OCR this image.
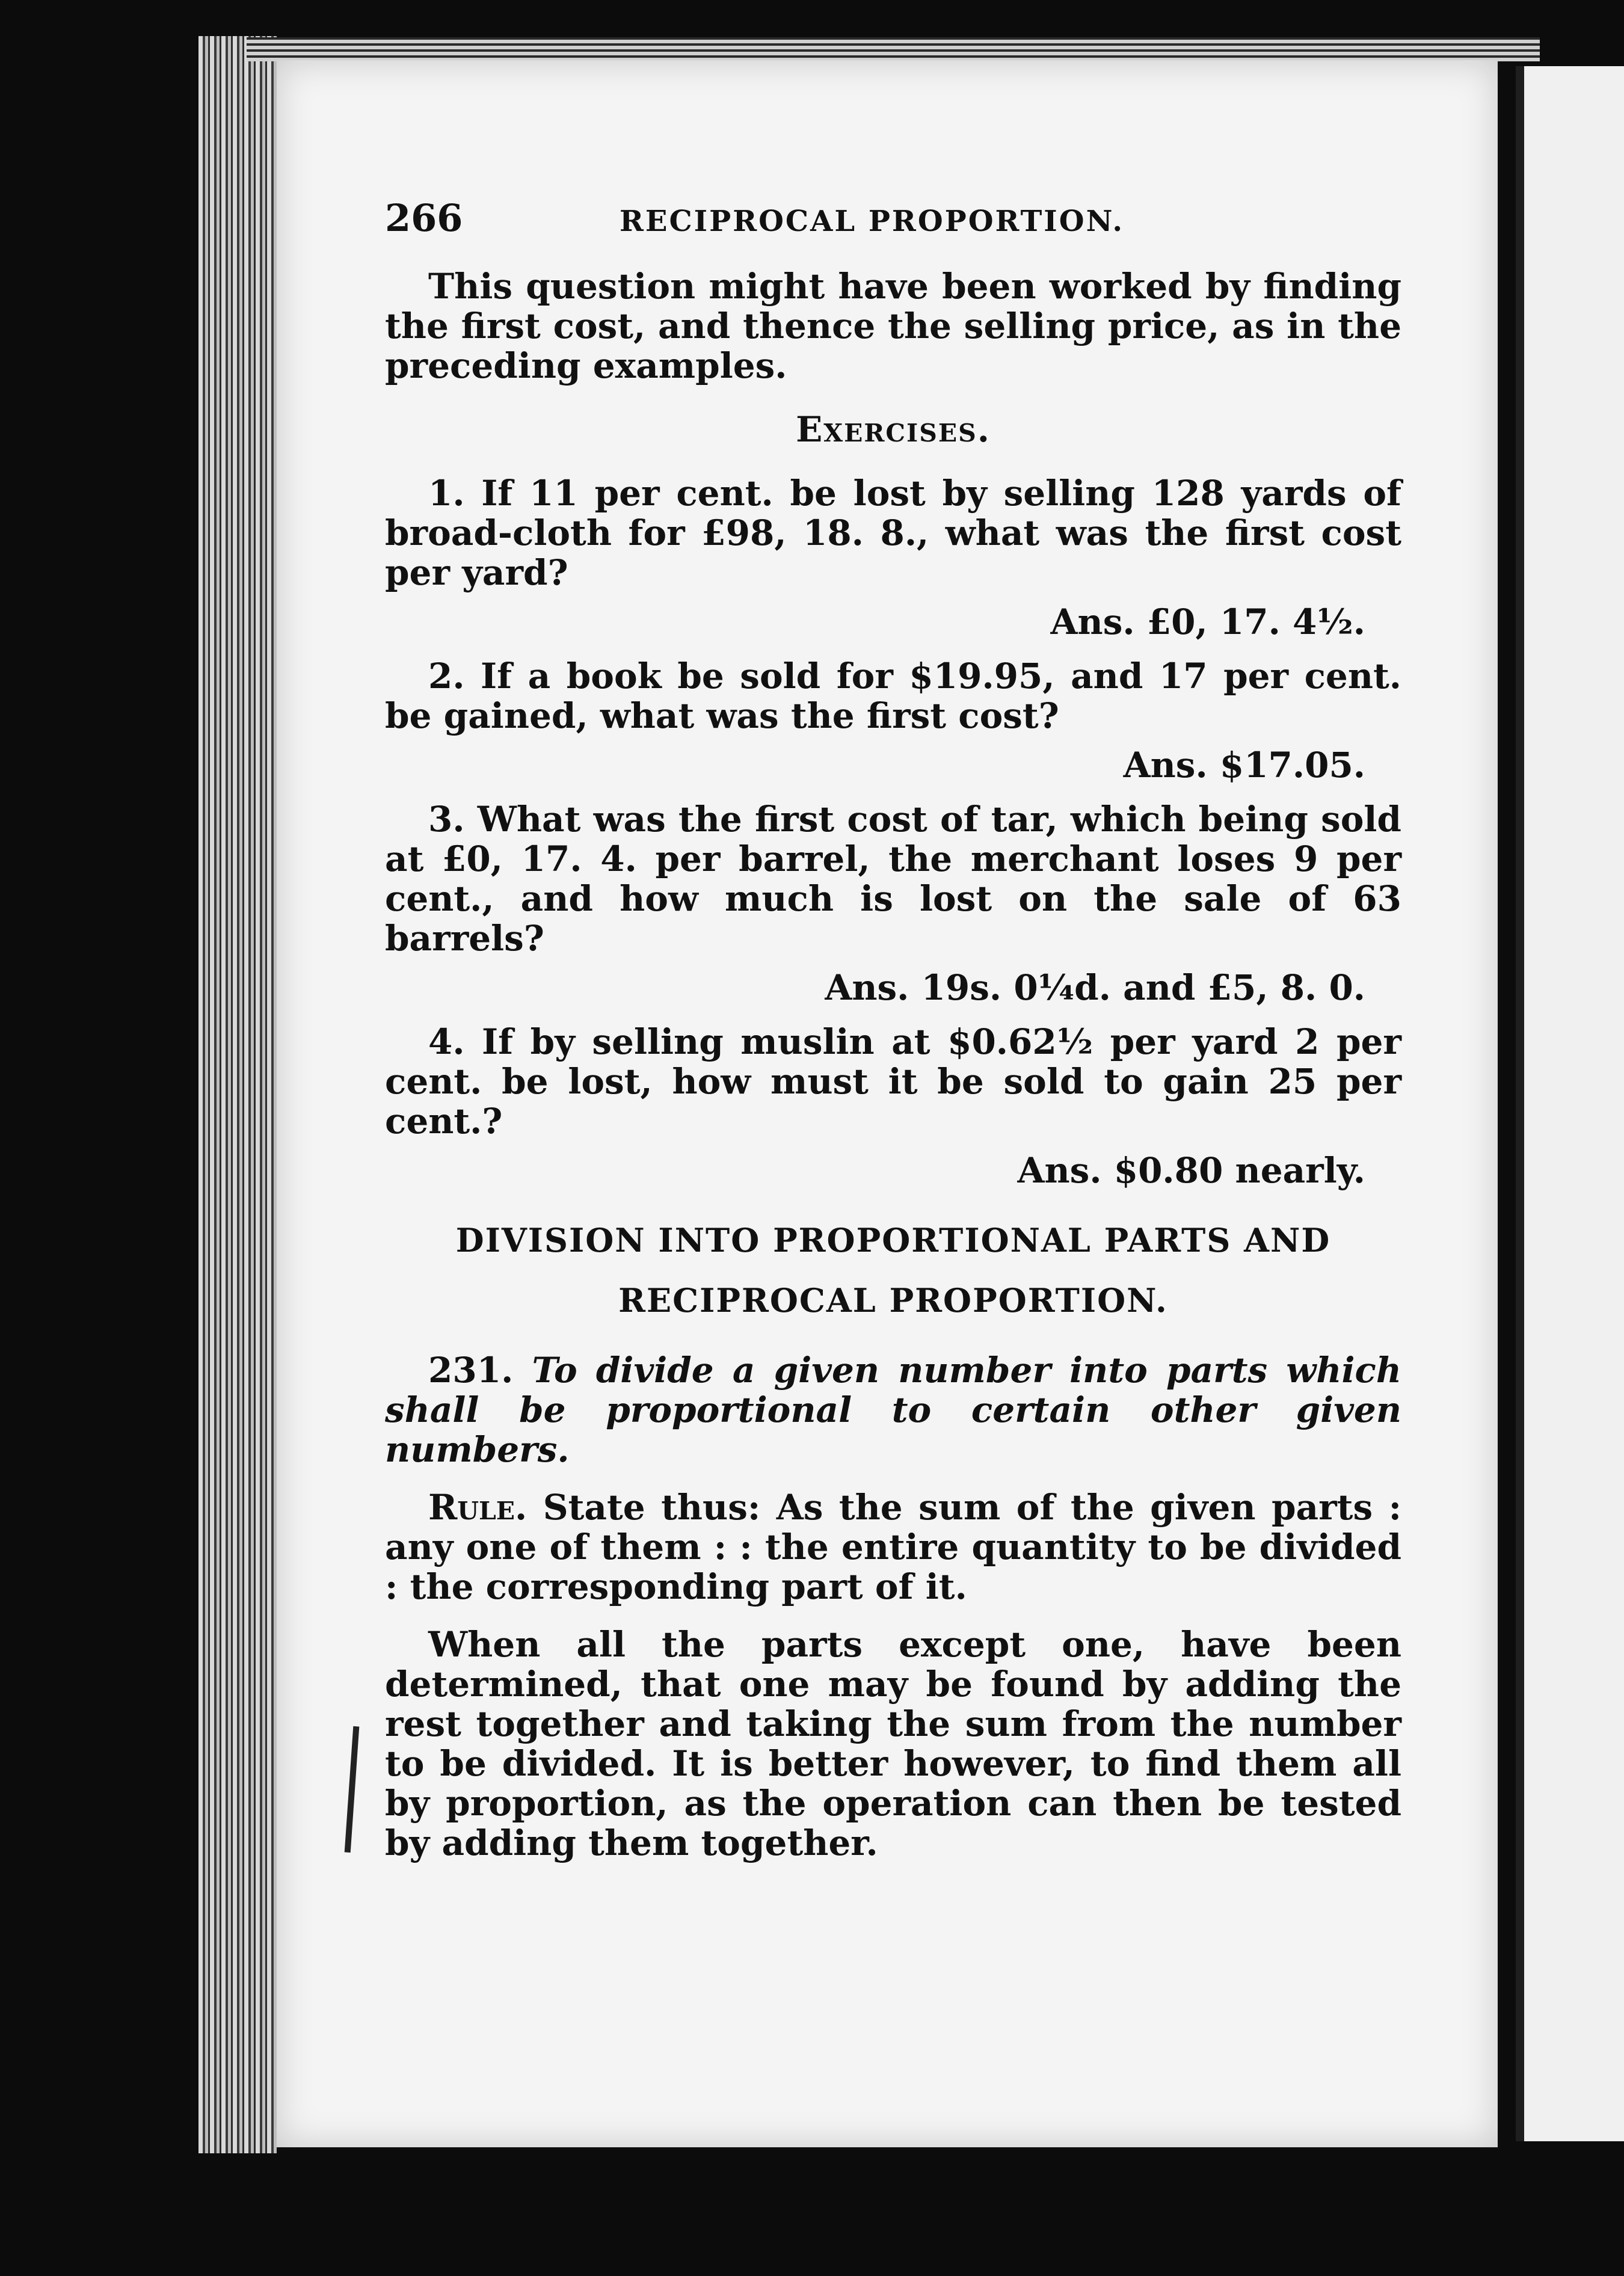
266	RECIPROCAL PROPORTION.

This question might have been worked by finding the first cost, and thence the selling price, as in the preceding examples.

Exercises.

1. If 11 per cent. be lost by selling 128 yards of broad-cloth for £98, 18. 8., what was the first cost per yard?

Ans. £0, 17. 4½.

2. If a book be sold for $19.95, and 17 per cent. be gained, what was the first cost?

Ans. $17.05.

3. What was the first cost of tar, which being sold at £0, 17. 4. per barrel, the merchant loses 9 per cent., and how much is lost on the sale of 63 barrels?

Ans. 19s. 0¼d. and £5, 8. 0.

4. If by selling muslin at $0.62½ per yard 2 per cent. be lost, how must it be sold to gain 25 per cent.?

Ans. $0.80 nearly.
DIVISION INTO PROPORTIONAL PARTS AND
RECIPROCAL PROPORTION.

231. To divide a given number into parts which shall be proportional to certain other given numbers.

Rule. State thus: As the sum of the given parts : any one of them : : the entire quantity to be divided : the corresponding part of it.

When all the parts except one, have been determined, that one may be found by adding the rest together and taking the sum from the number to be divided. It is better however, to find them all by proportion, as the operation can then be tested by adding them together.
